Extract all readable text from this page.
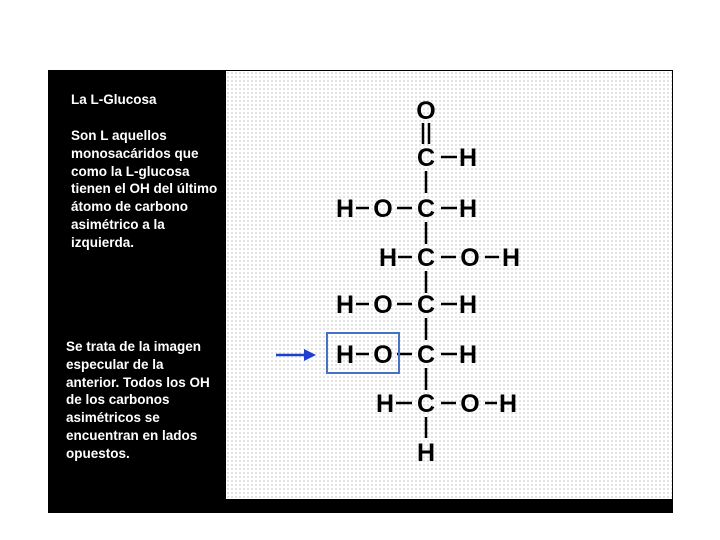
La L-Glucosa

Son L aquellos monosacáridos que como la L-glucosa tienen el OH del último átomo de carbono asimétrico a la izquierda.

Se trata de la imagen especular de la anterior. Todos los OH de los carbonos asimétricos se encuentran en lados opuestos.

O
C H
H O C H
H C O H
H O C H
H O C H
H C O H
H
